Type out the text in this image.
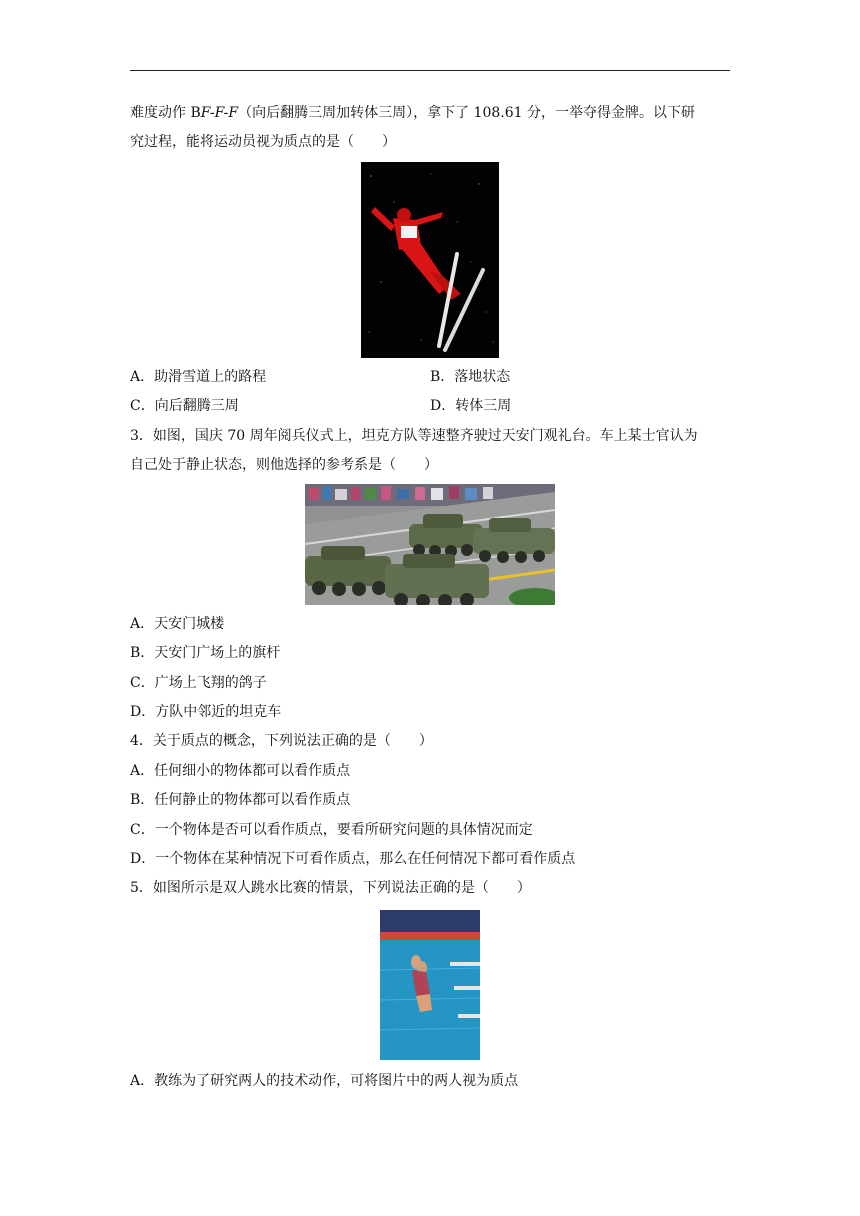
难度动作 BF-F-F（向后翻腾三周加转体三周），拿下了 108.61 分，一举夺得金牌。以下研
究过程，能将运动员视为质点的是（　　）
A．助滑雪道上的路程	B．落地状态
C．向后翻腾三周	D．转体三周
3．如图，国庆 70 周年阅兵仪式上，坦克方队等速整齐驶过天安门观礼台。车上某士官认为
自己处于静止状态，则他选择的参考系是（　　）
A．天安门城楼
B．天安门广场上的旗杆
C．广场上飞翔的鸽子
D．方队中邻近的坦克车
4．关于质点的概念，下列说法正确的是（　　）
A．任何细小的物体都可以看作质点
B．任何静止的物体都可以看作质点
C．一个物体是否可以看作质点，要看所研究问题的具体情况而定
D．一个物体在某种情况下可看作质点，那么在任何情况下都可看作质点
5．如图所示是双人跳水比赛的情景，下列说法正确的是（　　）
A．教练为了研究两人的技术动作，可将图片中的两人视为质点
